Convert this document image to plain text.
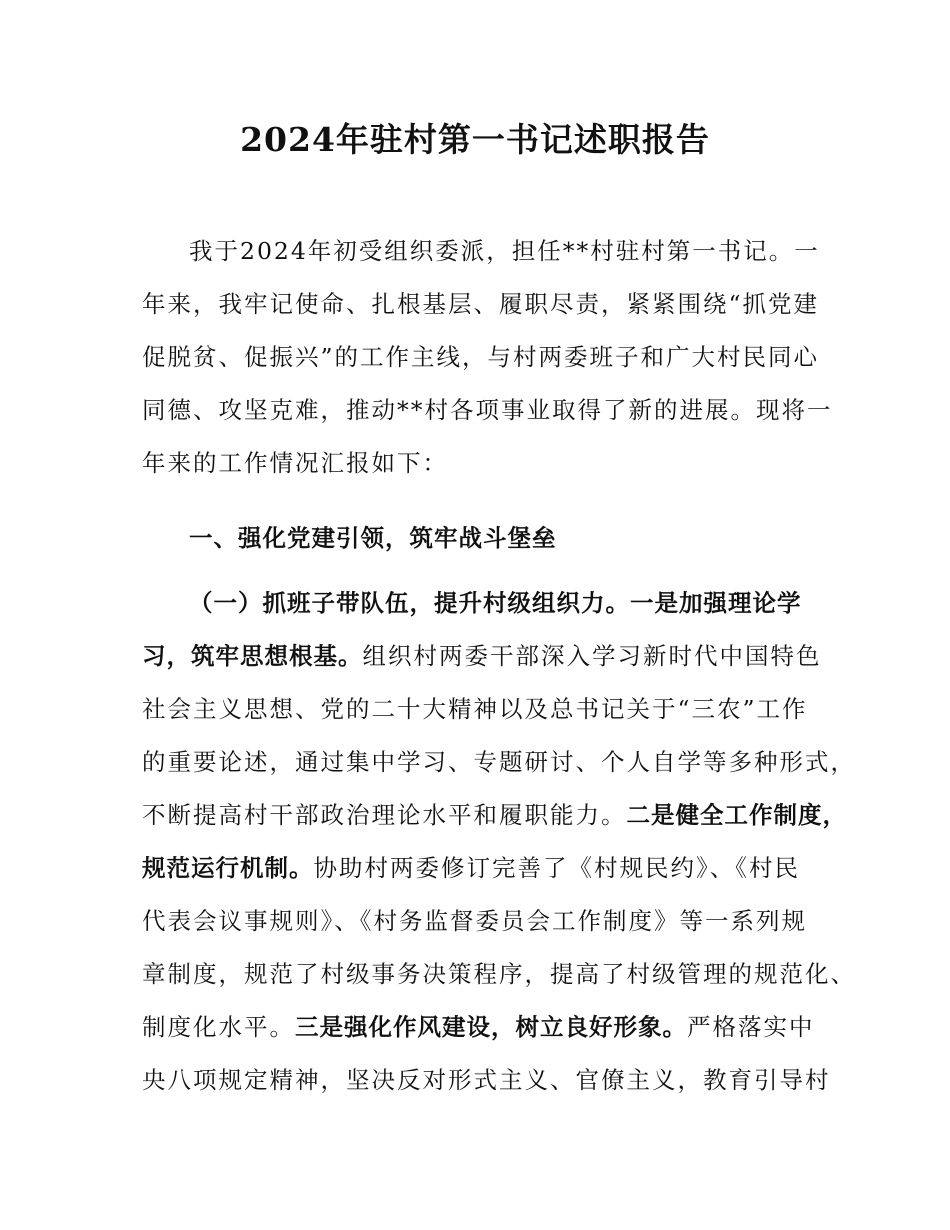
2024年驻村第一书记述职报告
我于2024年初受组织委派，担任**村驻村第一书记。一
年来，我牢记使命、扎根基层、履职尽责，紧紧围绕“抓党建
促脱贫、促振兴”的工作主线，与村两委班子和广大村民同心
同德、攻坚克难，推动**村各项事业取得了新的进展。现将一
年来的工作情况汇报如下：
一、强化党建引领，筑牢战斗堡垒
（一）抓班子带队伍，提升村级组织力。一是加强理论学
习，筑牢思想根基。组织村两委干部深入学习新时代中国特色
社会主义思想、党的二十大精神以及总书记关于“三农”工作
的重要论述，通过集中学习、专题研讨、个人自学等多种形式，
不断提高村干部政治理论水平和履职能力。二是健全工作制度，
规范运行机制。协助村两委修订完善了《村规民约》、《村民
代表会议事规则》、《村务监督委员会工作制度》等一系列规
章制度，规范了村级事务决策程序，提高了村级管理的规范化、
制度化水平。三是强化作风建设，树立良好形象。严格落实中
央八项规定精神，坚决反对形式主义、官僚主义，教育引导村
